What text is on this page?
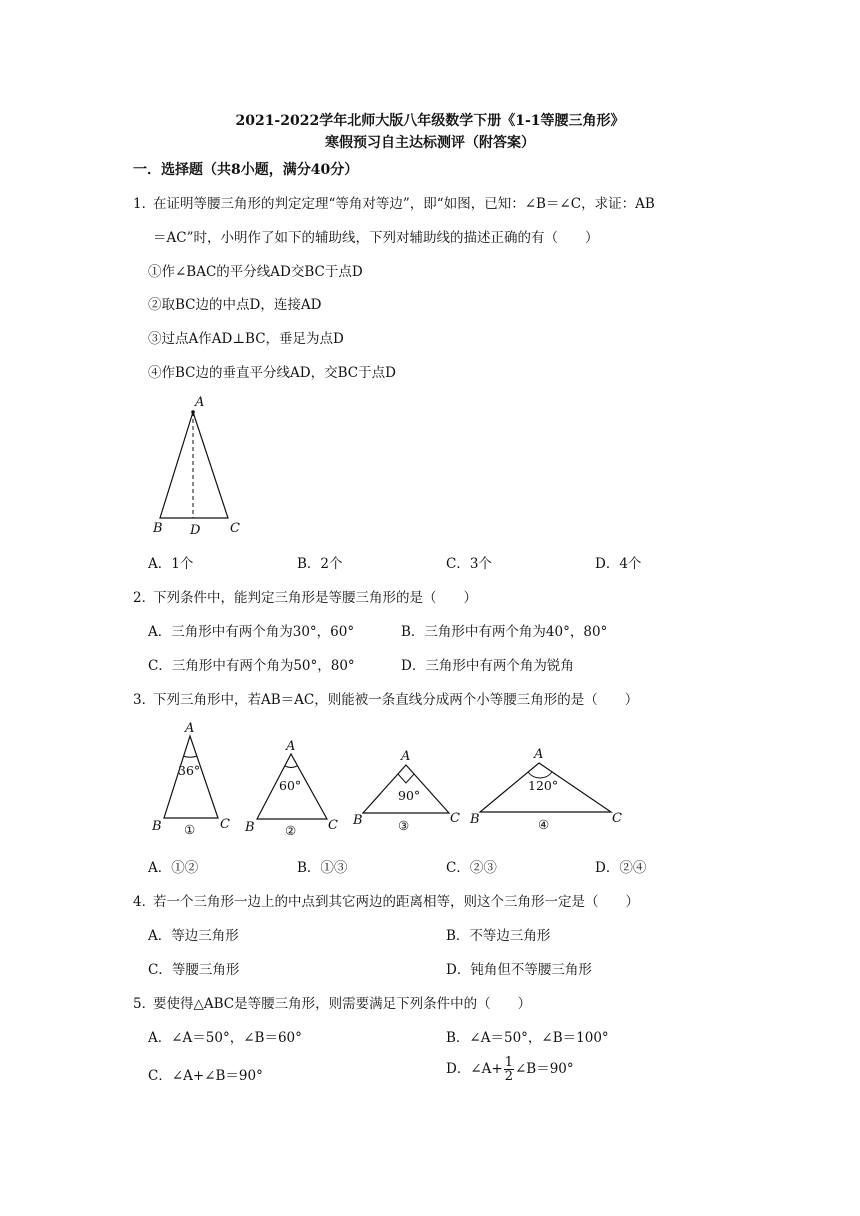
2021-2022学年北师大版八年级数学下册《1-1等腰三角形》
寒假预习自主达标测评（附答案）
一．选择题（共8小题，满分40分）
1．
在证明等腰三角形的判定定理“等角对等边”，即“如图，已知：∠B＝∠C，求证：AB
＝AC”时，小明作了如下的辅助线，下列对辅助线的描述正确的有（　　）
①作∠BAC的平分线AD交BC于点D
②取BC边的中点D，连接AD
③过点A作AD⊥BC，垂足为点D
④作BC边的垂直平分线AD，交BC于点D
A
B D C
A．1个	B．2个	C．3个	D．4个
2．
下列条件中，能判定三角形是等腰三角形的是（　　）
A．三角形中有两个角为30°，60°	B．三角形中有两个角为40°，80°
C．三角形中有两个角为50°，80°	D．三角形中有两个角为锐角
3．
下列三角形中，若AB＝AC，则能被一条直线分成两个小等腰三角形的是（　　）
A
36°
B	C
①
A
60°
B	C
②
A
90°
B	C
③
A
120°
B	C
④
A．①②	B．①③	C．②③	D．②④
4．
若一个三角形一边上的中点到其它两边的距离相等，则这个三角形一定是（　　）
A．等边三角形	B．不等边三角形
C．等腰三角形	D．钝角但不等腰三角形
5．
要使得△ABC是等腰三角形，则需要满足下列条件中的（　　）
A．∠A＝50°，∠B＝60°	B．∠A＝50°，∠B＝100°
C．∠A+∠B＝90°	D．∠A+ $\frac{1}{2}$ ∠B＝90°
